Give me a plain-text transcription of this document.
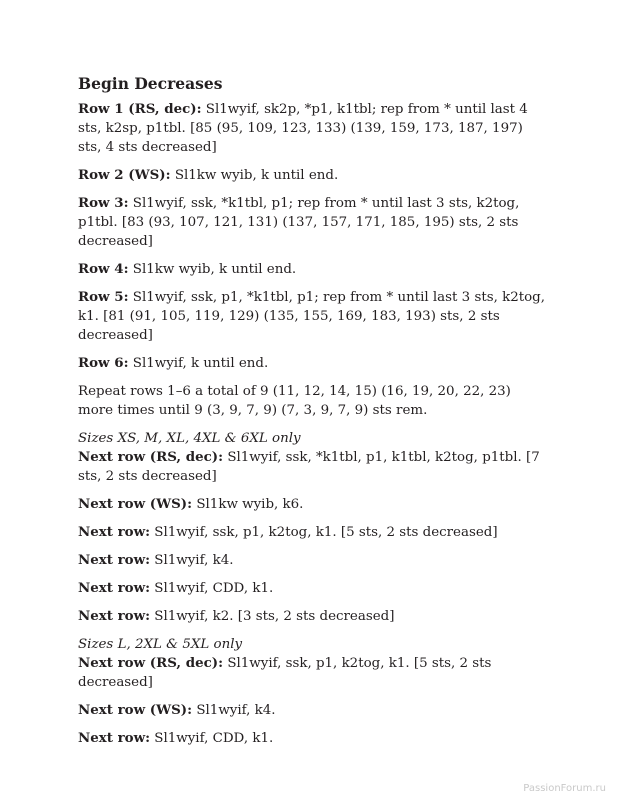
Begin Decreases

Row 1 (RS, dec): Sl1wyif, sk2p, *p1, k1tbl; rep from * until last 4 sts, k2sp, p1tbl. [85 (95, 109, 123, 133) (139, 159, 173, 187, 197) sts, 4 sts decreased]

Row 2 (WS): Sl1kw wyib, k until end.

Row 3: Sl1wyif, ssk, *k1tbl, p1; rep from * until last 3 sts, k2tog, p1tbl. [83 (93, 107, 121, 131) (137, 157, 171, 185, 195) sts, 2 sts decreased]

Row 4: Sl1kw wyib, k until end.

Row 5: Sl1wyif, ssk, p1, *k1tbl, p1; rep from * until last 3 sts, k2tog, k1. [81 (91, 105, 119, 129) (135, 155, 169, 183, 193) sts, 2 sts decreased]

Row 6: Sl1wyif, k until end.

Repeat rows 1–6 a total of 9 (11, 12, 14, 15) (16, 19, 20, 22, 23) more times until 9 (3, 9, 7, 9) (7, 3, 9, 7, 9) sts rem.

Sizes XS, M, XL, 4XL & 6XL only

Next row (RS, dec): Sl1wyif, ssk, *k1tbl, p1, k1tbl, k2tog, p1tbl. [7 sts, 2 sts decreased]

Next row (WS): Sl1kw wyib, k6.

Next row: Sl1wyif, ssk, p1, k2tog, k1. [5 sts, 2 sts decreased]

Next row: Sl1wyif, k4.

Next row: Sl1wyif, CDD, k1.

Next row: Sl1wyif, k2. [3 sts, 2 sts decreased]

Sizes L, 2XL & 5XL only

Next row (RS, dec): Sl1wyif, ssk, p1, k2tog, k1. [5 sts, 2 sts decreased]

Next row (WS): Sl1wyif, k4.

Next row: Sl1wyif, CDD, k1.

PassionForum.ru
